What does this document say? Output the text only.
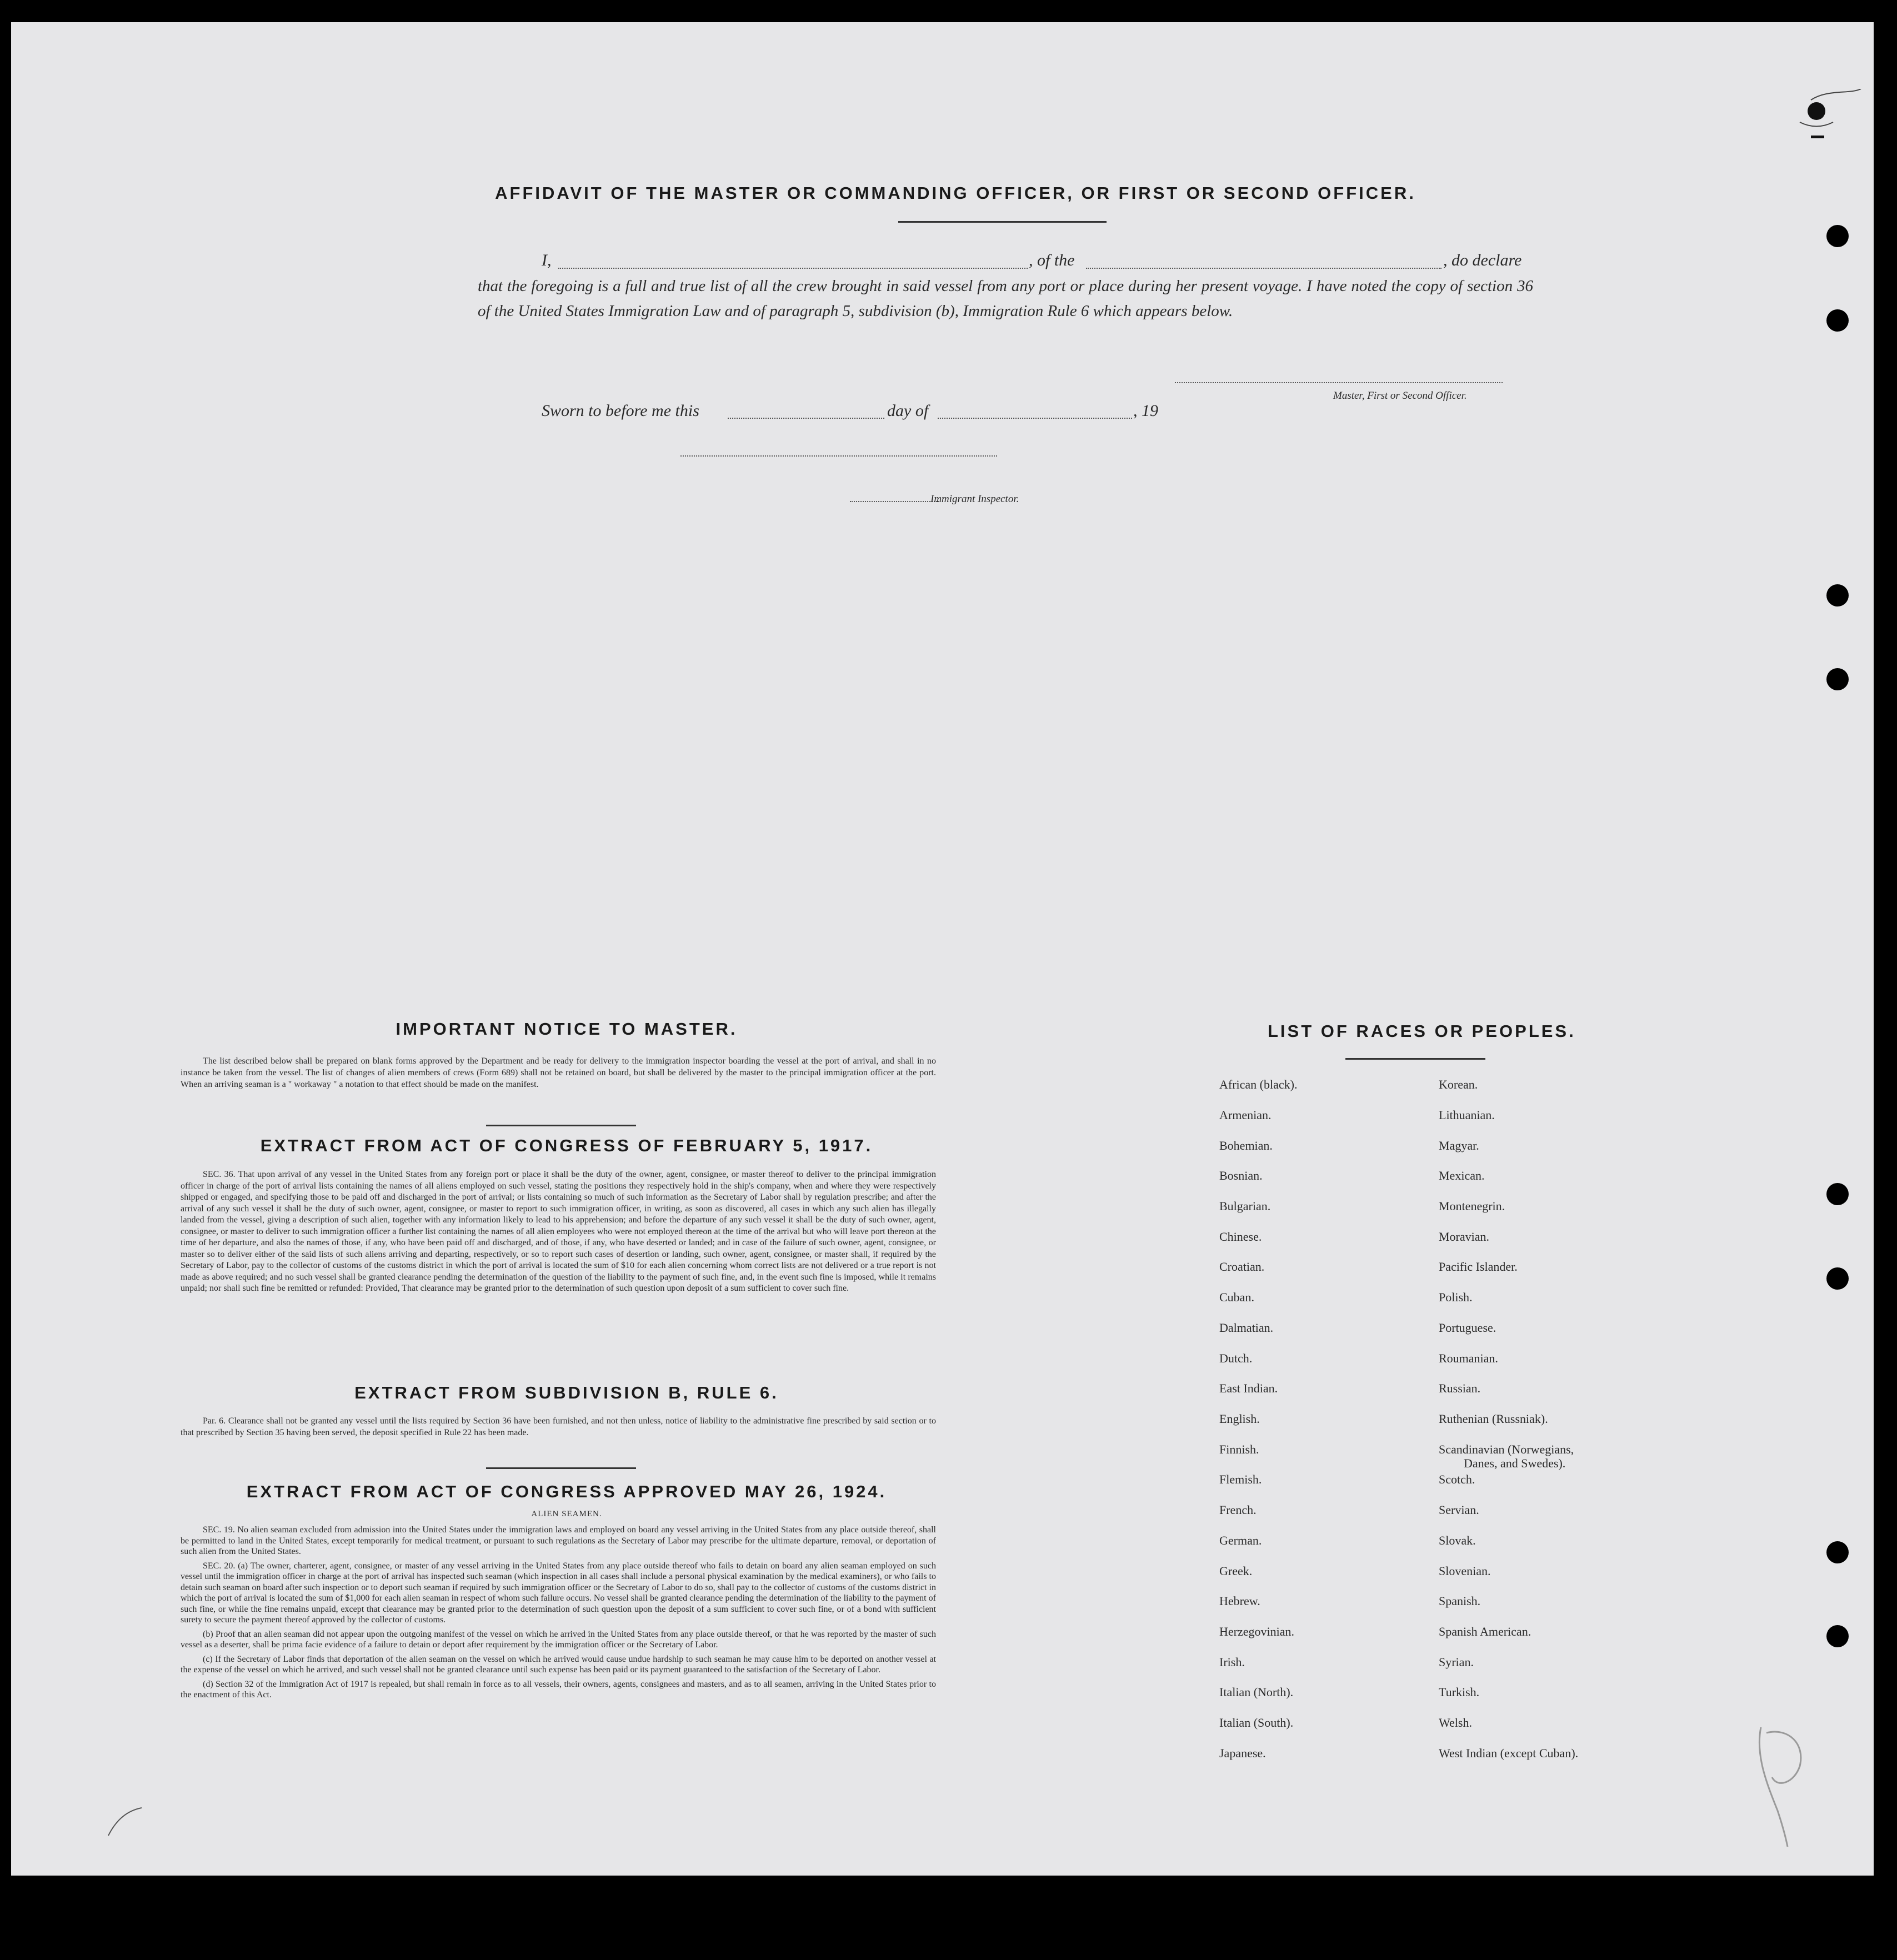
AFFIDAVIT OF THE MASTER OR COMMANDING OFFICER, OR FIRST OR SECOND OFFICER.
I,	, of the	, do declare
that the foregoing is a full and true list of all the crew brought in said vessel from any port or place during her present voyage. I have noted the copy of section 36 of the United States Immigration Law and of paragraph 5, subdivision (b), Immigration Rule 6 which appears below.
Master, First or Second Officer.
Sworn to before me this	day of	, 19
Immigrant Inspector.
IMPORTANT NOTICE TO MASTER.

The list described below shall be prepared on blank forms approved by the Department and be ready for delivery to the immigration inspector boarding the vessel at the port of arrival, and shall in no instance be taken from the vessel. The list of changes of alien members of crews (Form 689) shall not be retained on board, but shall be delivered by the master to the principal immigration officer at the port. When an arriving seaman is a " workaway " a notation to that effect should be made on the manifest.

EXTRACT FROM ACT OF CONGRESS OF FEBRUARY 5, 1917.

SEC. 36. That upon arrival of any vessel in the United States from any foreign port or place it shall be the duty of the owner, agent, consignee, or master thereof to deliver to the principal immigration officer in charge of the port of arrival lists containing the names of all aliens employed on such vessel, stating the positions they respectively hold in the ship's company, when and where they were respectively shipped or engaged, and specifying those to be paid off and discharged in the port of arrival; or lists containing so much of such information as the Secretary of Labor shall by regulation prescribe; and after the arrival of any such vessel it shall be the duty of such owner, agent, consignee, or master to report to such immigration officer, in writing, as soon as discovered, all cases in which any such alien has illegally landed from the vessel, giving a description of such alien, together with any information likely to lead to his apprehension; and before the departure of any such vessel it shall be the duty of such owner, agent, consignee, or master to deliver to such immigration officer a further list containing the names of all alien employees who were not employed thereon at the time of the arrival but who will leave port thereon at the time of her departure, and also the names of those, if any, who have been paid off and discharged, and of those, if any, who have deserted or landed; and in case of the failure of such owner, agent, consignee, or master so to deliver either of the said lists of such aliens arriving and departing, respectively, or so to report such cases of desertion or landing, such owner, agent, consignee, or master shall, if required by the Secretary of Labor, pay to the collector of customs of the customs district in which the port of arrival is located the sum of $10 for each alien concerning whom correct lists are not delivered or a true report is not made as above required; and no such vessel shall be granted clearance pending the determination of the question of the liability to the payment of such fine, and, in the event such fine is imposed, while it remains unpaid; nor shall such fine be remitted or refunded: Provided, That clearance may be granted prior to the determination of such question upon deposit of a sum sufficient to cover such fine.

EXTRACT FROM SUBDIVISION B, RULE 6.

Par. 6. Clearance shall not be granted any vessel until the lists required by Section 36 have been furnished, and not then unless, notice of liability to the administrative fine prescribed by said section or to that prescribed by Section 35 having been served, the deposit specified in Rule 22 has been made.

EXTRACT FROM ACT OF CONGRESS APPROVED MAY 26, 1924.
ALIEN SEAMEN.

SEC. 19. No alien seaman excluded from admission into the United States under the immigration laws and employed on board any vessel arriving in the United States from any place outside thereof, shall be permitted to land in the United States, except temporarily for medical treatment, or pursuant to such regulations as the Secretary of Labor may prescribe for the ultimate departure, removal, or deportation of such alien from the United States.

SEC. 20. (a) The owner, charterer, agent, consignee, or master of any vessel arriving in the United States from any place outside thereof who fails to detain on board any alien seaman employed on such vessel until the immigration officer in charge at the port of arrival has inspected such seaman (which inspection in all cases shall include a personal physical examination by the medical examiners), or who fails to detain such seaman on board after such inspection or to deport such seaman if required by such immigration officer or the Secretary of Labor to do so, shall pay to the collector of customs of the customs district in which the port of arrival is located the sum of $1,000 for each alien seaman in respect of whom such failure occurs. No vessel shall be granted clearance pending the determination of the liability to the payment of such fine, or while the fine remains unpaid, except that clearance may be granted prior to the determination of such question upon the deposit of a sum sufficient to cover such fine, or of a bond with sufficient surety to secure the payment thereof approved by the collector of customs.

(b) Proof that an alien seaman did not appear upon the outgoing manifest of the vessel on which he arrived in the United States from any place outside thereof, or that he was reported by the master of such vessel as a deserter, shall be prima facie evidence of a failure to detain or deport after requirement by the immigration officer or the Secretary of Labor.

(c) If the Secretary of Labor finds that deportation of the alien seaman on the vessel on which he arrived would cause undue hardship to such seaman he may cause him to be deported on another vessel at the expense of the vessel on which he arrived, and such vessel shall not be granted clearance until such expense has been paid or its payment guaranteed to the satisfaction of the Secretary of Labor.

(d) Section 32 of the Immigration Act of 1917 is repealed, but shall remain in force as to all vessels, their owners, agents, consignees and masters, and as to all seamen, arriving in the United States prior to the enactment of this Act.

LIST OF RACES OR PEOPLES.
African (black).
Armenian.
Bohemian.
Bosnian.
Bulgarian.
Chinese.
Croatian.
Cuban.
Dalmatian.
Dutch.
East Indian.
English.
Finnish.
Flemish.
French.
German.
Greek.
Hebrew.
Herzegovinian.
Irish.
Italian (North).
Italian (South).
Japanese.
Korean.
Lithuanian.
Magyar.
Mexican.
Montenegrin.
Moravian.
Pacific Islander.
Polish.
Portuguese.
Roumanian.
Russian.
Ruthenian (Russniak).
Scandinavian (Norwegians,
Danes, and Swedes).
Scotch.
Servian.
Slovak.
Slovenian.
Spanish.
Spanish American.
Syrian.
Turkish.
Welsh.
West Indian (except Cuban).
